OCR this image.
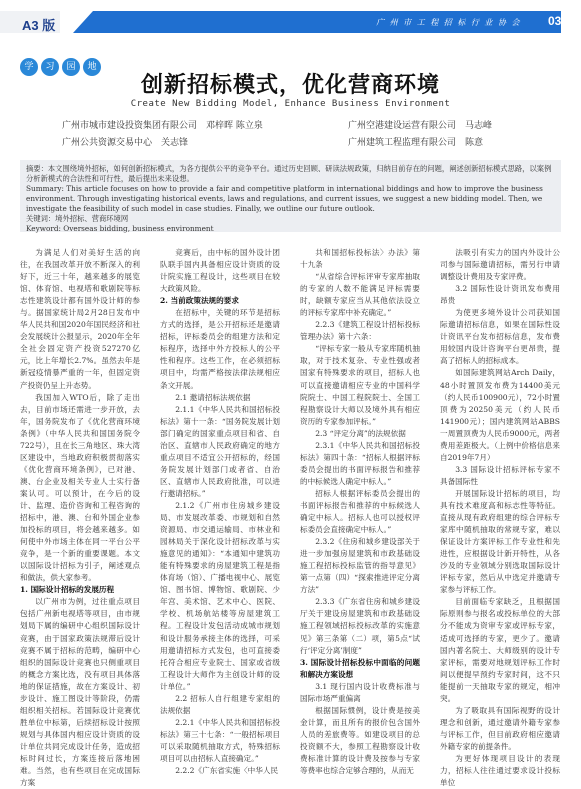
A3 版	广 州 市 工 程 招 标 行 业 协 会 03
学 习 园 地
创新招标模式，优化营商环境
Create New Bidding Model, Enhance Business Environment
广州市城市建设投资集团有限公司　邓梓晖 陈立泉
广州公共资源交易中心　关志锋
广州空港建设运营有限公司　马志峰
广州建筑工程监理有限公司　陈意

摘要：本文围绕境外招标，如何创新招标模式，为各方提供公平的竞争平台。通过历史回顾、研读法规政策，归纳目前存在的问题，阐述创新招标模式思路，以案例分析新模式的合法性和可行性，最后提出未来设想。

Summary: This article focuses on how to provide a fair and competitive platform in international biddings and how to improve the business environment. Through investigating historical events, laws and regulations, and current issues, we suggest a new bidding model. Then, we investigate the feasibility of such model in case studies. Finally, we outline our future outlook.

关键词：境外招标、营商环境网

Keyword: Overseas bidding, business environment

为满足人们对美好生活的向往，在我国改革开放不断深入的利好下，近三十年，越来越多的展览馆、体育馆、电视塔和歌剧院等标志性建筑设计都有国外设计师的参与。据国家统计局2月28日发布中华人民共和国2020年国民经济和社会发展统计公报显示，2020年全年全社会固定资产投资527270亿元，比上年增长2.7%。虽然去年是新冠疫情暴严重的一年，但固定资产投资仍呈上升态势。

我国加入WTO后，除了走出去，目前市场还需进一步开放，去年，国务院发布了《优化营商环境条例》（中华人民共和国国务院令722号），且在长三角地区、珠大湾区建设中，当地政府积极贯彻落实《优化营商环境条例》，已对港、澳、台企业及相关专业人士实行备案认可。可以预计，在今后的设计、监理、造价咨询和工程咨询的招标中，港、澳、台和外国企业参加投标的项目，将会越来越多。如何使中外市场主体在同一平台公平竞争，是一个新的重要课题。本文以国际设计招标为引子，阐述观点和做法，供大家参考。

1. 国际设计招标的发展历程

以广州市为例，过往重点项目包括广州新电视塔等项目，由市规划局下属的编研中心组织国际设计竞赛，由于国家政策法规滞后设计竞赛不属于招标的范畴，编研中心组织的国际设计竞赛也只侧重项目的概念方案比选，没有项目具体落地的保证措施，故在方案设计、初步设计、施工图设计等阶段，仍需组织相关招标。若国际设计竞赛优胜单位中标第，后续招标设计按照规划与具体国内相应设计资质的设计单位共同完成设计任务，造成招标时间过长，方案连接后落地困难。当然，也有些项目在完成国际方案

竞赛后，由中标的国外设计团队联手国内具备相应设计资质的设计院实施工程设计，这些项目在较大政策风险。

2. 当前政策法规的要求

在招标中，关键的环节是招标方式的选择，是公开招标还是邀请招标，评标委员会的组建方法和定标程序，选择中外方投标人的公平性和程序。这些工作，在必须招标项目中，均需严格按法律法规相应条文开展。

2.1 邀请招标法规依据

2.1.1《中华人民共和国招标投标法》第十一条：“国务院发展计划部门确定的国家重点项目和省、自治区、直辖市人民政府确定的地方重点项目不适宜公开招标的，经国务院发展计划部门或者省、自治区、直辖市人民政府批准，可以进行邀请招标。”

2.1.2《广州市住房城乡建设局、市发展改革委、市规划和自然资源局、市交通运输局、市林业和园林局关于深化设计招标改革与实施意见的通知》：“本通知中建筑功能有特殊要求的房屋建筑工程是指体育场（馆）、广播电视中心、展览馆、图书馆、博物馆、歌剧院、少年宫、美术馆、艺术中心、医院、学校、机场航站楼等房屋建筑工程。工程设计发包活动成城市规划和设计服务承接主体的选择，可采用邀请招标方式发包，也可直接委托符合相应专业院士、国家或省级工程设计大师作为主创设计师的设计单位。”

2.2 招标人自行组建专家组的法规依据

2.2.1《中华人民共和国招标投标法》第三十七条：“一般招标项目可以采取随机抽取方式，特殊招标项目可以由招标人直接确定。”

2.2.2《广东省实施〈中华人民

共和国招标投标法〉办法》第十九条

“从省综合评标评审专家库抽取的专家的人数不能满足评标需要时，缺额专家应当从其他依法设立的评标专家库中补充确定。”

2.2.3《建筑工程设计招标投标管理办法》第十六条：

“评标专家一般从专家库随机抽取，对于技术复杂、专业性强或者国家有特殊要求的项目，招标人也可以直接邀请相应专业的中国科学院院士、中国工程院院士、全国工程勘察设计大师以及境外具有相应资历的专家参加评标。”

2.3 “评定分离”的法规依据

2.3.1《中华人民共和国招标投标法》第四十条：“招标人根据评标委员会提出的书面评标报告和推荐的中标候选人确定中标人。”

招标人根据评标委员会提出的书面评标报告和推荐的中标候选人确定中标人。招标人也可以授权评标委员会直接确定中标人。”

2.3.2《住房和城乡建设部关于进一步加强房屋建筑和市政基础设施工程招标投标监管的指导意见》第一点第（四）“探索推进评定分离方法”

2.3.3《广东省住房和城乡建设厅关于建设房屋建筑和市政基础设施工程领域招标投标改革的实施意见》第三条第（二）项，第5点“试行‘评定分离’制度”

3. 国际设计招标投标中面临的问题和解决方案设想

3.1 现行国内设计收费标准与国际市场严重偏离

根据国际惯例，设计费是按美金计算，而且所有的报价包含国外人员的差旅费等。如建设项目的总投资额不大，参照工程勘察设计收费标准计算的设计费及按参与专家等费率也综合定够合理的，从而无

法吸引有实力的国内外设计公司参与国际邀请招标，需另行申请调整设计费用及专家评费。

3.2 国际性设计资讯发布费用昂贵

为使更多境外设计公司获知国际邀请招标信息，如果在国际性设计资讯平台发布招标信息，发布费用较国内设计咨询平台更昂贵，提高了招标人的招标成本。

如国际建筑网站Arch Daily，48小时置顶发布费为14400美元（约人民币100900元），72小时置顶费为20250美元（约人民币141900元）；国内建筑网站ABBS一周置顶费为人民币9000元，两者费用差距极大。（上例中价格信息来自2019年7月）

3.3 国际设计招标评标专家不具备国际性

开展国际设计招标的项目，均具有技术难度高和标志性等特征。直接从现有政府组建的综合评标专家库中随机抽取的常规专家，难以保证设计方案评标工作专业性和先进性，应根据设计新开特性，从各沙及的专业领域分别选取国际设计评标专家，然后从中选定并邀请专家参与评标工作。

目前面临专家缺乏，且根据国际原则参与报名或投标单位的大部分不能成为资审专家或评标专家，适成可选择的专家，更少了。邀请国内著名院士、大师级别的设计专家评标，需要对地规划评标工作时间以便提早预约专家时间，这不只能提前一天抽取专家的规定，相冲突。

为了吸取具有国际视野的设计理念和创新，通过邀请外籍专家参与评标工作，但目前政府相应邀请外籍专家的前提条件。

为更好体现项目设计的表现力，招标人往往通过要求设计投标单位
